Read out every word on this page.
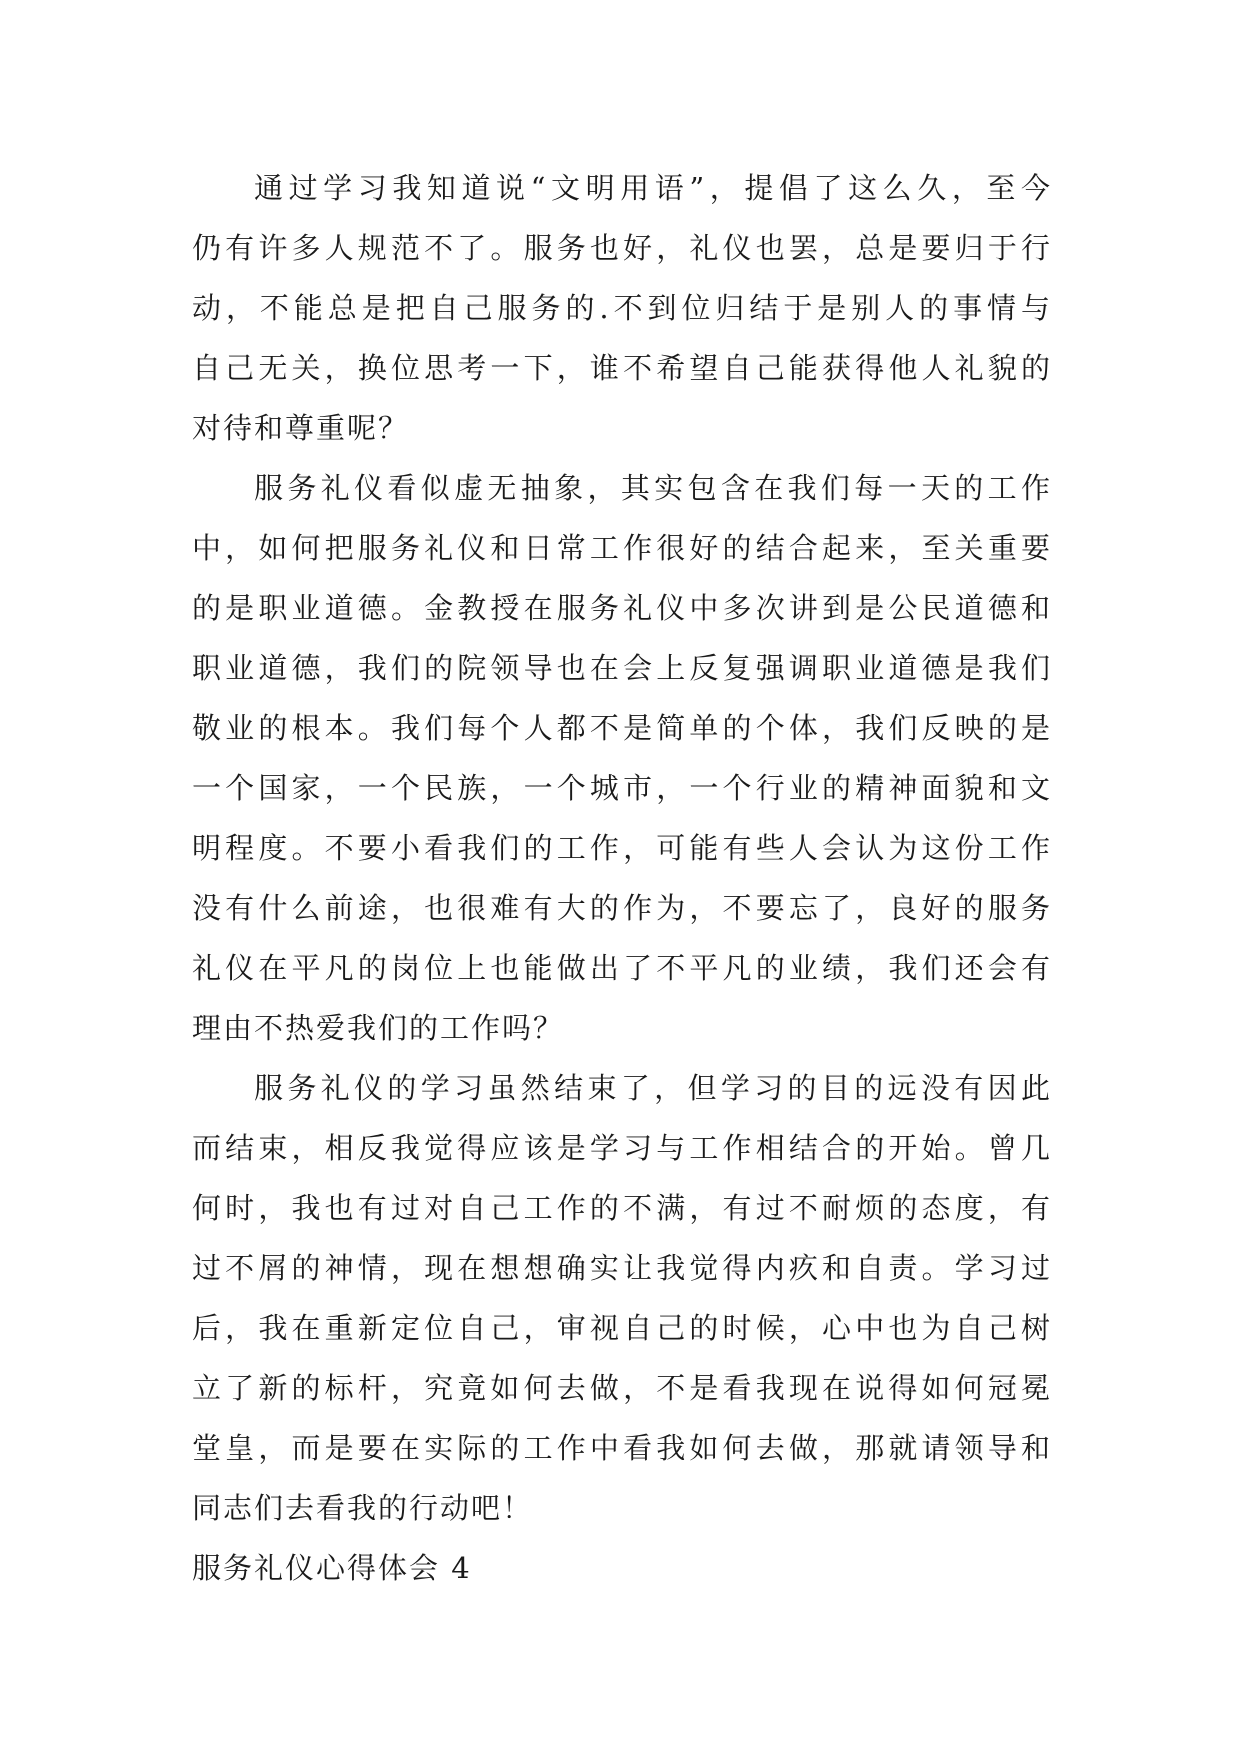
通过学习我知道说“文明用语”，提倡了这么久，至今
仍有许多人规范不了。服务也好，礼仪也罢，总是要归于行
动，不能总是把自己服务的.不到位归结于是别人的事情与
自己无关，换位思考一下，谁不希望自己能获得他人礼貌的
对待和尊重呢？
服务礼仪看似虚无抽象，其实包含在我们每一天的工作
中，如何把服务礼仪和日常工作很好的结合起来，至关重要
的是职业道德。金教授在服务礼仪中多次讲到是公民道德和
职业道德，我们的院领导也在会上反复强调职业道德是我们
敬业的根本。我们每个人都不是简单的个体，我们反映的是
一个国家，一个民族，一个城市，一个行业的精神面貌和文
明程度。不要小看我们的工作，可能有些人会认为这份工作
没有什么前途，也很难有大的作为，不要忘了，良好的服务
礼仪在平凡的岗位上也能做出了不平凡的业绩，我们还会有
理由不热爱我们的工作吗？
服务礼仪的学习虽然结束了，但学习的目的远没有因此
而结束，相反我觉得应该是学习与工作相结合的开始。曾几
何时，我也有过对自己工作的不满，有过不耐烦的态度，有
过不屑的神情，现在想想确实让我觉得内疚和自责。学习过
后，我在重新定位自己，审视自己的时候，心中也为自己树
立了新的标杆，究竟如何去做，不是看我现在说得如何冠冕
堂皇，而是要在实际的工作中看我如何去做，那就请领导和
同志们去看我的行动吧！
服务礼仪心得体会 4
